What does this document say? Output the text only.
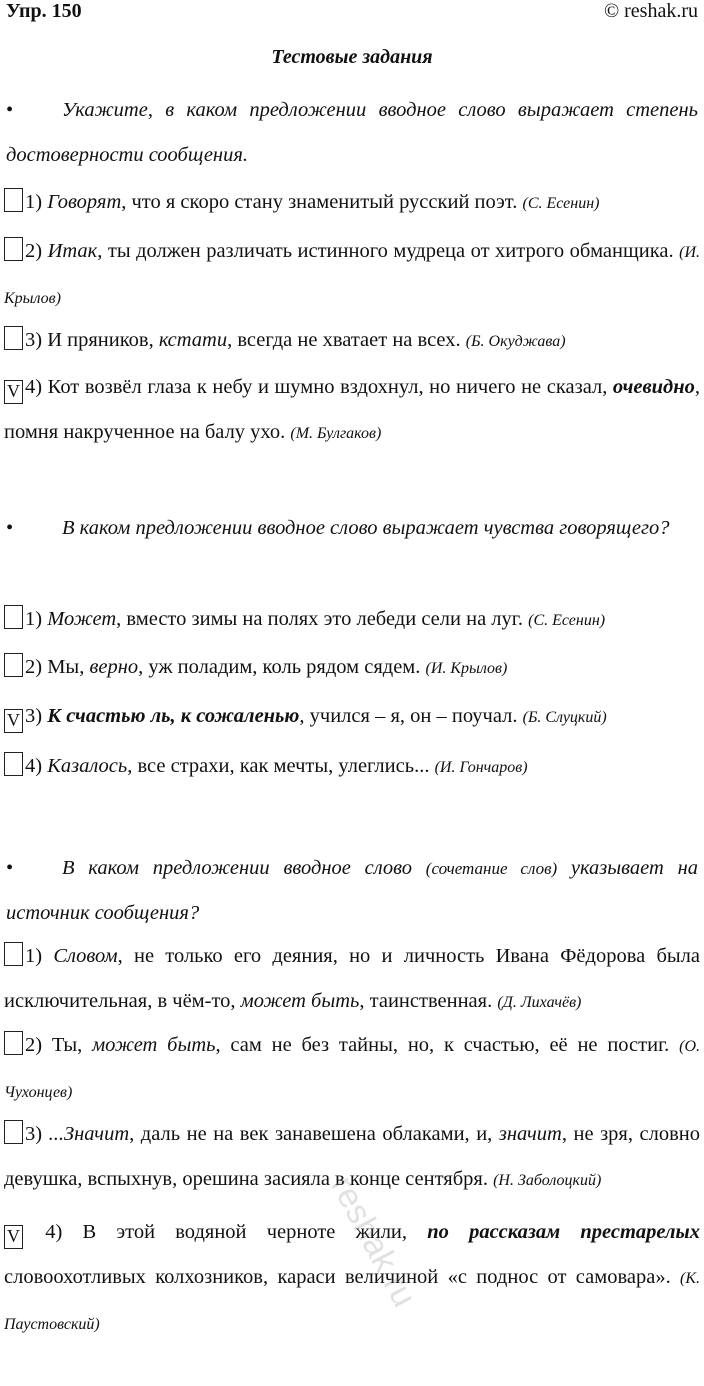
Упр. 150	© reshak.ru
Тестовые задания
• Укажите, в каком предложении вводное слово выражает степень достоверности сообщения.
1) Говорят, что я скоро стану знаменитый русский поэт. (С. Есенин)
2) Итак, ты должен различать истинного мудреца от хитрого обманщика. (И. Крылов)
3) И пряников, кстати, всегда не хватает на всех. (Б. Окуджава)
V 4) Кот возвёл глаза к небу и шумно вздохнул, но ничего не сказал, очевидно, помня накрученное на балу ухо. (М. Булгаков)
• В каком предложении вводное слово выражает чувства говорящего?
1) Может, вместо зимы на полях это лебеди сели на луг. (С. Есенин)
2) Мы, верно, уж поладим, коль рядом сядем. (И. Крылов)
V 3) К счастью ль, к сожаленью, учился – я, он – поучал. (Б. Слуцкий)
4) Казалось, все страхи, как мечты, улеглись... (И. Гончаров)
• В каком предложении вводное слово (сочетание слов) указывает на источник сообщения?
1) Словом, не только его деяния, но и личность Ивана Фёдорова была исключительная, в чём-то, может быть, таинственная. (Д. Лихачёв)
2) Ты, может быть, сам не без тайны, но, к счастью, её не постиг. (О. Чухонцев)
3) ...Значит, даль не на век занавешена облаками, и, значит, не зря, словно девушка, вспыхнув, орешина засияла в конце сентября. (Н. Заболоцкий)
V 4) В этой водяной черноте жили, по рассказам престарелых словоохотливых колхозников, караси величиной «с поднос от самовара». (К. Паустовский)
reshak.ru
